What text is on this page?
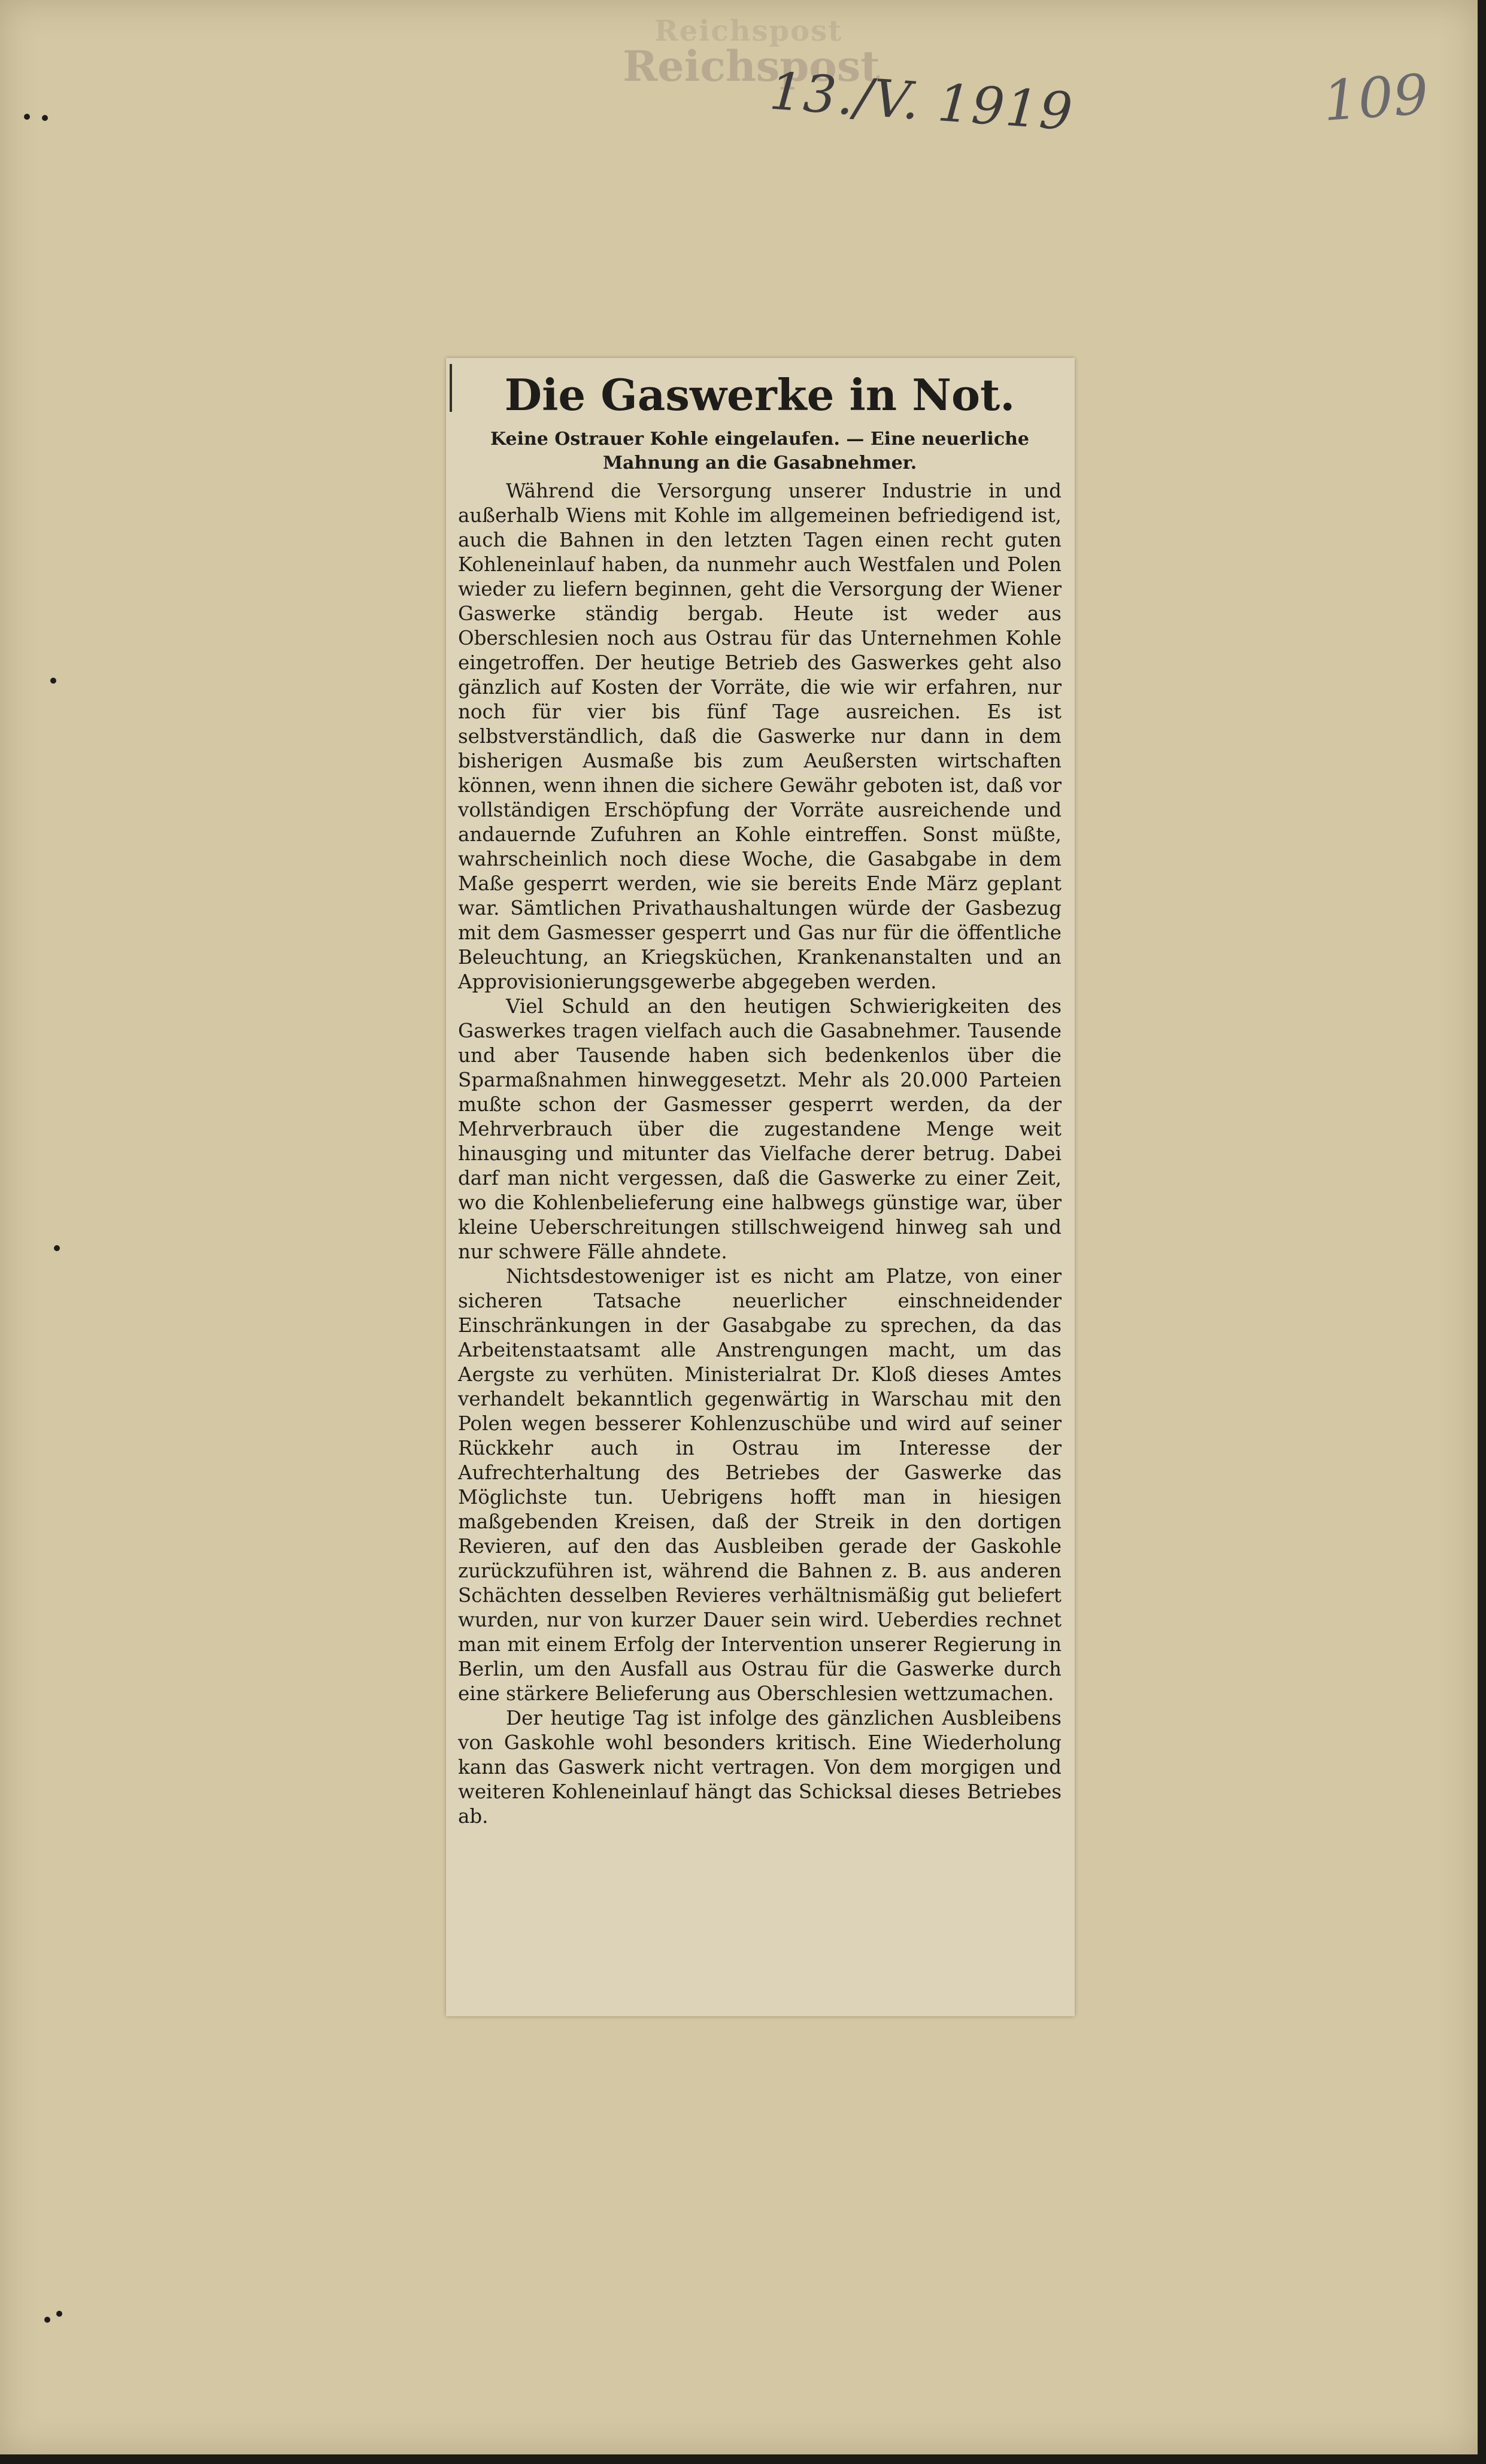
Reichspost
Reichspost
13./V. 1919	109
Die Gaswerke in Not.
Keine Ostrauer Kohle eingelaufen. — Eine neuerliche Mahnung an die Gasabnehmer.

Während die Versorgung unserer Industrie in und außerhalb Wiens mit Kohle im allgemeinen befriedigend ist, auch die Bahnen in den letzten Tagen einen recht guten Kohleneinlauf haben, da nunmehr auch Westfalen und Polen wieder zu liefern beginnen, geht die Versorgung der Wiener Gaswerke ständig bergab. Heute ist weder aus Oberschlesien noch aus Ostrau für das Unternehmen Kohle eingetroffen. Der heutige Betrieb des Gaswerkes geht also gänzlich auf Kosten der Vorräte, die wie wir erfahren, nur noch für vier bis fünf Tage ausreichen. Es ist selbstverständlich, daß die Gaswerke nur dann in dem bisherigen Ausmaße bis zum Aeußersten wirtschaften können, wenn ihnen die sichere Gewähr geboten ist, daß vor vollständigen Erschöpfung der Vorräte ausreichende und andauernde Zufuhren an Kohle eintreffen. Sonst müßte, wahrscheinlich noch diese Woche, die Gasabgabe in dem Maße gesperrt werden, wie sie bereits Ende März geplant war. Sämtlichen Privathaushaltungen würde der Gasbezug mit dem Gasmesser gesperrt und Gas nur für die öffentliche Beleuchtung, an Kriegsküchen, Krankenanstalten und an Approvisionierungsgewerbe abgegeben werden.

Viel Schuld an den heutigen Schwierigkeiten des Gaswerkes tragen vielfach auch die Gasabnehmer. Tausende und aber Tausende haben sich bedenkenlos über die Sparmaßnahmen hinweggesetzt. Mehr als 20.000 Parteien mußte schon der Gasmesser gesperrt werden, da der Mehrverbrauch über die zugestandene Menge weit hinausging und mitunter das Vielfache derer betrug. Dabei darf man nicht vergessen, daß die Gaswerke zu einer Zeit, wo die Kohlenbelieferung eine halbwegs günstige war, über kleine Ueberschreitungen stillschweigend hinweg sah und nur schwere Fälle ahndete.

Nichtsdestoweniger ist es nicht am Platze, von einer sicheren Tatsache neuerlicher einschneidender Einschränkungen in der Gasabgabe zu sprechen, da das Arbeitenstaatsamt alle Anstrengungen macht, um das Aergste zu verhüten. Ministerialrat Dr. Kloß dieses Amtes verhandelt bekanntlich gegenwärtig in Warschau mit den Polen wegen besserer Kohlenzuschübe und wird auf seiner Rückkehr auch in Ostrau im Interesse der Aufrechterhaltung des Betriebes der Gaswerke das Möglichste tun. Uebrigens hofft man in hiesigen maßgebenden Kreisen, daß der Streik in den dortigen Revieren, auf den das Ausbleiben gerade der Gaskohle zurückzuführen ist, während die Bahnen z. B. aus anderen Schächten desselben Revieres verhältnismäßig gut beliefert wurden, nur von kurzer Dauer sein wird. Ueberdies rechnet man mit einem Erfolg der Intervention unserer Regierung in Berlin, um den Ausfall aus Ostrau für die Gaswerke durch eine stärkere Belieferung aus Oberschlesien wettzumachen.

Der heutige Tag ist infolge des gänzlichen Ausbleibens von Gaskohle wohl besonders kritisch. Eine Wiederholung kann das Gaswerk nicht vertragen. Von dem morgigen und weiteren Kohleneinlauf hängt das Schicksal dieses Betriebes ab.
